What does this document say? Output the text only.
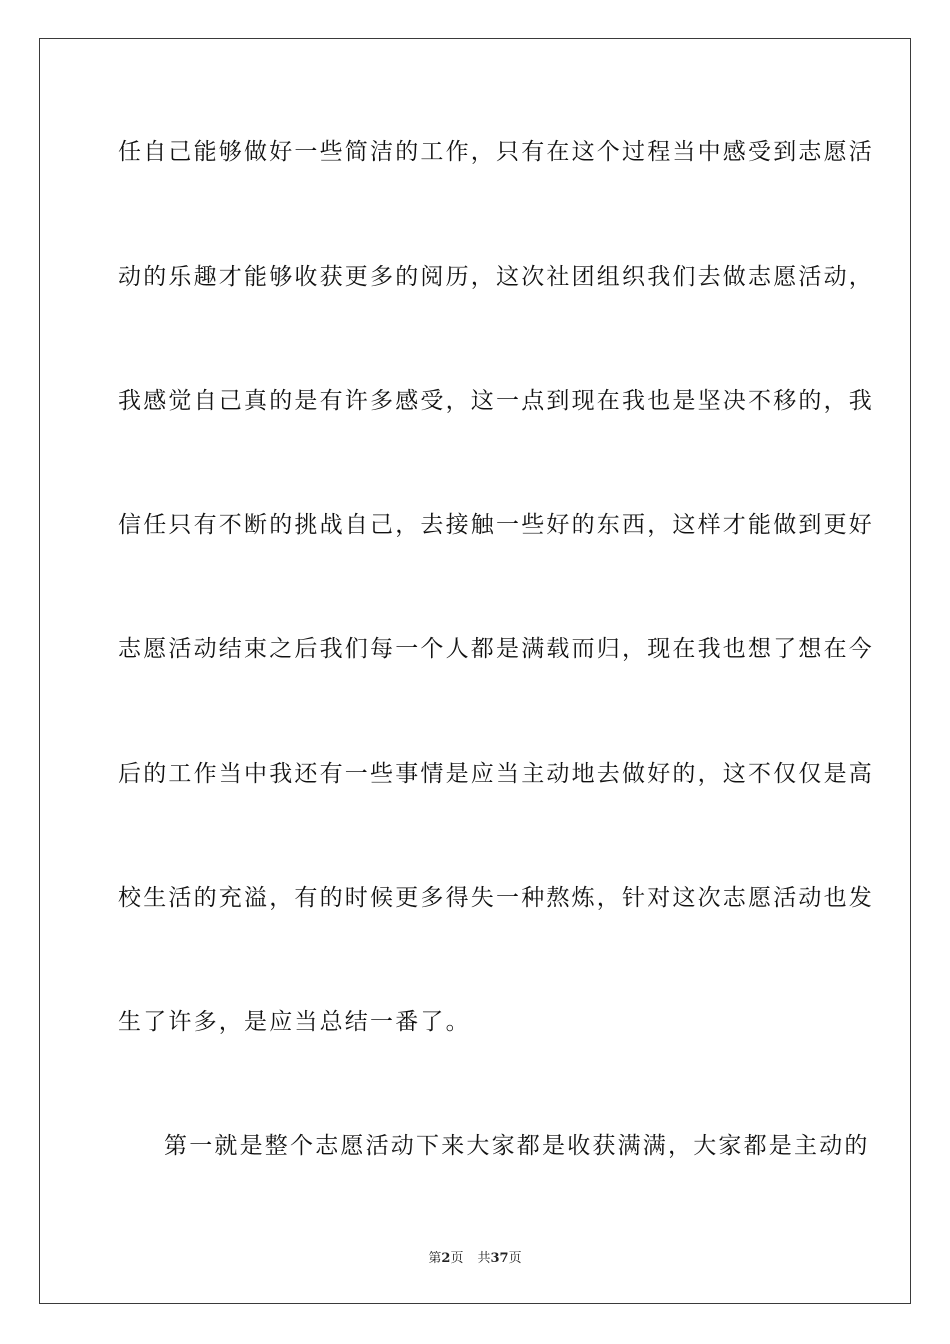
任自己能够做好一些简洁的工作，只有在这个过程当中感受到志愿活
动的乐趣才能够收获更多的阅历，这次社团组织我们去做志愿活动，
我感觉自己真的是有许多感受，这一点到现在我也是坚决不移的，我
信任只有不断的挑战自己，去接触一些好的东西，这样才能做到更好
志愿活动结束之后我们每一个人都是满载而归，现在我也想了想在今
后的工作当中我还有一些事情是应当主动地去做好的，这不仅仅是高
校生活的充溢，有的时候更多得失一种熬炼，针对这次志愿活动也发
生了许多，是应当总结一番了。
第一就是整个志愿活动下来大家都是收获满满，大家都是主动的
第2页 共37页
